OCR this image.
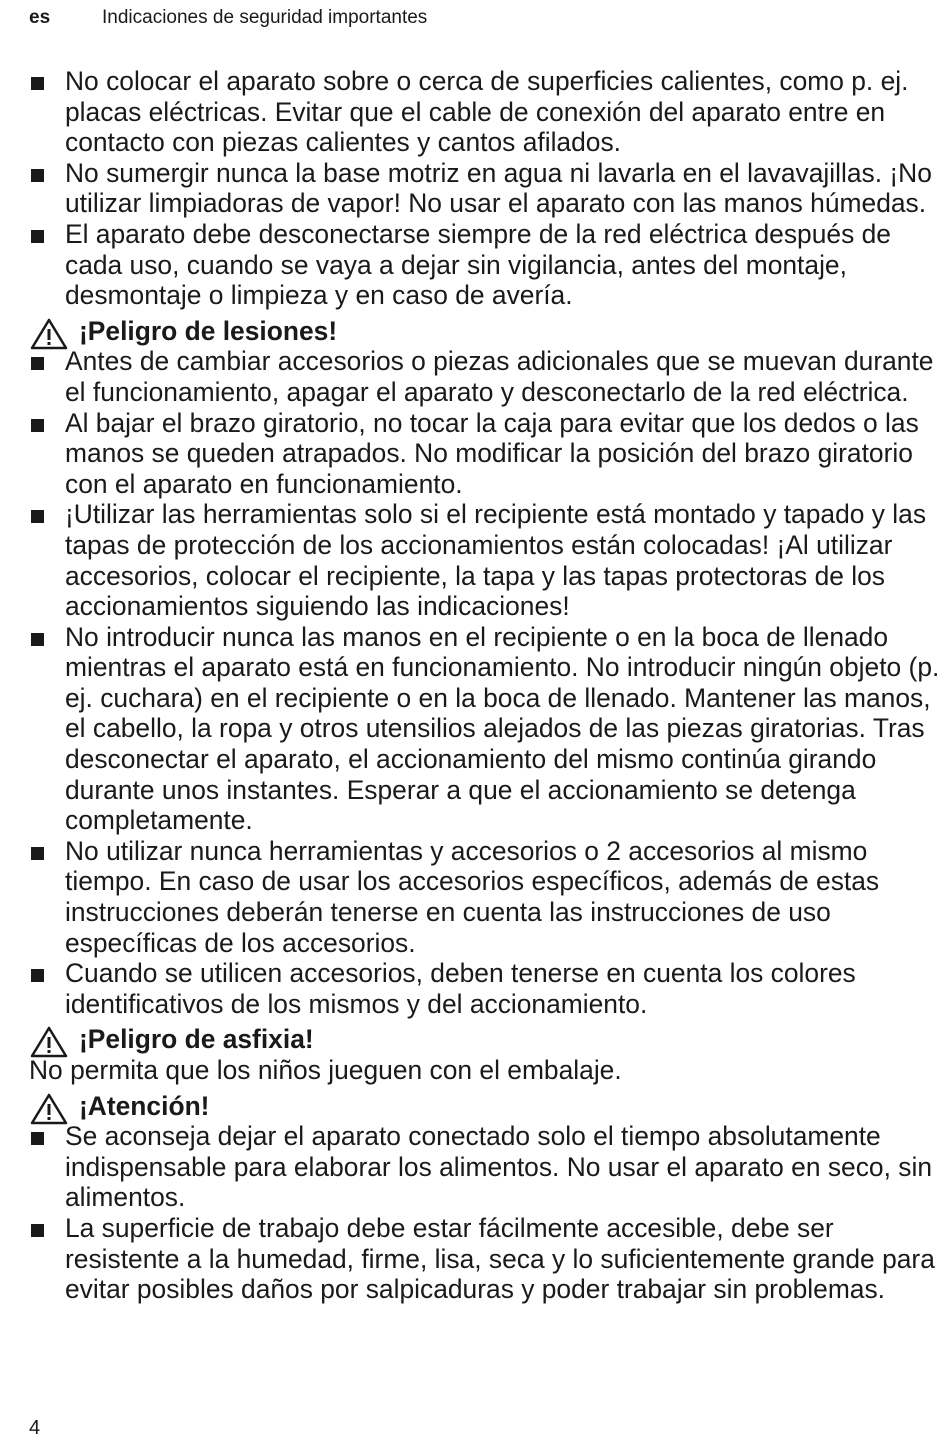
es	Indicaciones de seguridad importantes
No colocar el aparato sobre o cerca de superficies calientes, como p. ej. placas eléctricas. Evitar que el cable de conexión del aparato entre en contacto con piezas calientes y cantos afilados.
No sumergir nunca la base motriz en agua ni lavarla en el lavavajillas. ¡No utilizar limpiadoras de vapor! No usar el aparato con las manos húmedas.
El aparato debe desconectarse siempre de la red eléctrica después de cada uso, cuando se vaya a dejar sin vigilancia, antes del montaje, desmontaje o limpieza y en caso de avería.
¡Peligro de lesiones!
Antes de cambiar accesorios o piezas adicionales que se muevan durante el funcionamiento, apagar el aparato y desconectarlo de la red eléctrica.
Al bajar el brazo giratorio, no tocar la caja para evitar que los dedos o las manos se queden atrapados. No modificar la posición del brazo giratorio con el aparato en funcionamiento.
¡Utilizar las herramientas solo si el recipiente está montado y tapado y las tapas de protección de los accionamientos están colocadas! ¡Al utilizar accesorios, colocar el recipiente, la tapa y las tapas protectoras de los accionamientos siguiendo las indicaciones!
No introducir nunca las manos en el recipiente o en la boca de llenado mientras el aparato está en funcionamiento. No introducir ningún objeto (p. ej. cuchara) en el recipiente o en la boca de llenado. Mantener las manos, el cabello, la ropa y otros utensilios alejados de las piezas giratorias. Tras desconectar el aparato, el accionamiento del mismo continúa girando durante unos instantes. Esperar a que el accionamiento se detenga completamente.
No utilizar nunca herramientas y accesorios o 2 accesorios al mismo tiempo. En caso de usar los accesorios específicos, además de estas instrucciones deberán tenerse en cuenta las instrucciones de uso específicas de los accesorios.
Cuando se utilicen accesorios, deben tenerse en cuenta los colores identificativos de los mismos y del accionamiento.
¡Peligro de asfixia!
No permita que los niños jueguen con el embalaje.
¡Atención!
Se aconseja dejar el aparato conectado solo el tiempo absolutamente indispensable para elaborar los alimentos. No usar el aparato en seco, sin alimentos.
La superficie de trabajo debe estar fácilmente accesible, debe ser resistente a la humedad, firme, lisa, seca y lo suficientemente grande para evitar posibles daños por salpicaduras y poder trabajar sin problemas.
4
